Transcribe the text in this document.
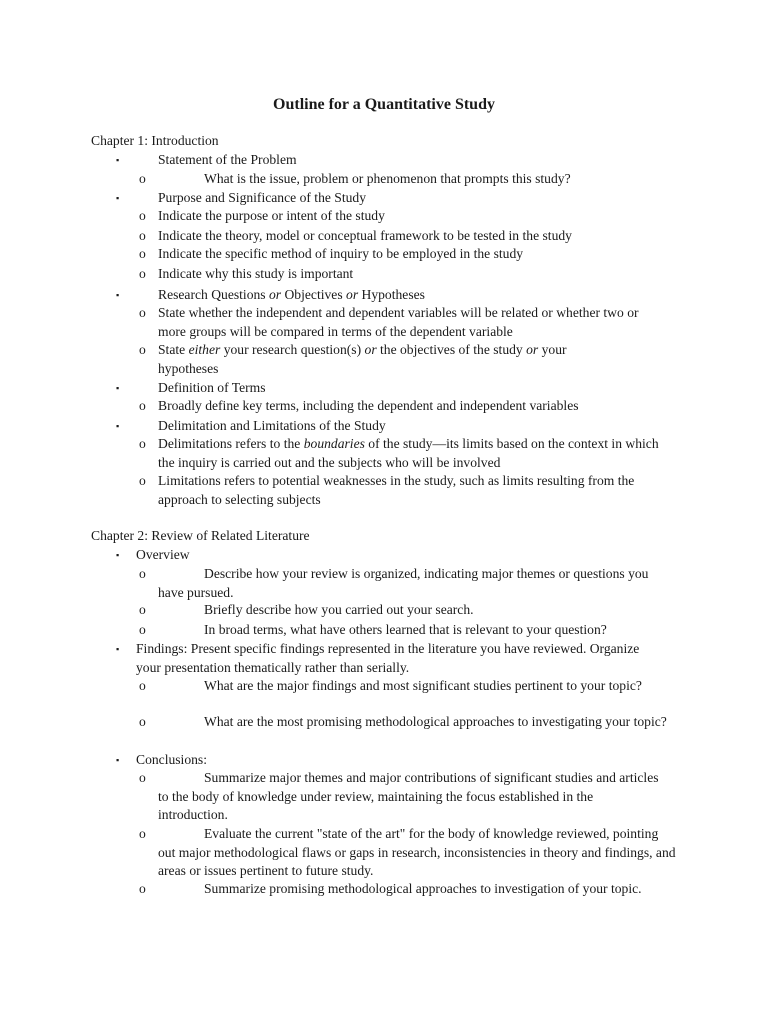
Outline for a Quantitative Study

Chapter 1: Introduction

▪	Statement of the Problem
o	What is the issue, problem or phenomenon that prompts this study?
▪	Purpose and Significance of the Study
o Indicate the purpose or intent of the study
o Indicate the theory, model or conceptual framework to be tested in the study
o Indicate the specific method of inquiry to be employed in the study
o Indicate why this study is important
▪	Research Questions or Objectives or Hypotheses
o State whether the independent and dependent variables will be related or whether two or more groups will be compared in terms of the dependent variable
o State either your research question(s) or the objectives of the study or your hypotheses
▪	Definition of Terms
o Broadly define key terms, including the dependent and independent variables
▪	Delimitation and Limitations of the Study
o Delimitations refers to the boundaries of the study—its limits based on the context in which the inquiry is carried out and the subjects who will be involved
o Limitations refers to potential weaknesses in the study, such as limits resulting from the approach to selecting subjects

Chapter 2: Review of Related Literature

▪ Overview
o	Describe how your review is organized, indicating major themes or questions you have pursued.
o	Briefly describe how you carried out your search.
o	In broad terms, what have others learned that is relevant to your question?
▪ Findings: Present specific findings represented in the literature you have reviewed. Organize your presentation thematically rather than serially.
o	What are the major findings and most significant studies pertinent to your topic?
o	What are the most promising methodological approaches to investigating your topic?
▪ Conclusions:
o	Summarize major themes and major contributions of significant studies and articles to the body of knowledge under review, maintaining the focus established in the introduction.
o	Evaluate the current "state of the art" for the body of knowledge reviewed, pointing out major methodological flaws or gaps in research, inconsistencies in theory and findings, and areas or issues pertinent to future study.
o	Summarize promising methodological approaches to investigation of your topic.
